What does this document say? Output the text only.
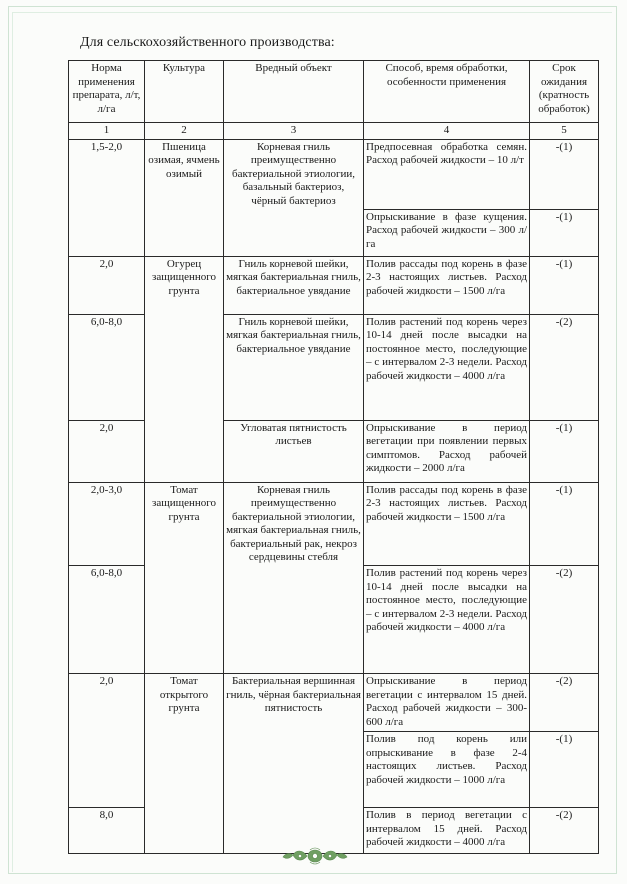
Для сельскохозяйственного производства:
Норма применения препарата, л/т, л/га	Культура	Вредный объект	Способ, время обработки, особенности применения	Срок ожидания (кратность обработок)
1	2	3	4	5
1,5-2,0	Пшеница озимая, ячмень озимый	Корневая гниль преимущественно бактериальной этиологии, базальный бактериоз, чёрный бактериоз	Предпосевная обработка семян. Расход рабочей жидкости – 10 л/т	-(1)
			Опрыскивание в фазе кущения. Расход рабочей жидкости – 300 л/га	-(1)
2,0	Огурец защищенного грунта	Гниль корневой шейки, мягкая бактериальная гниль, бактериальное увядание	Полив рассады под корень в фазе 2-3 настоящих листьев. Расход рабочей жидкости – 1500 л/га	-(1)
6,0-8,0		Гниль корневой шейки, мягкая бактериальная гниль, бактериальное увядание	Полив растений под корень через 10-14 дней после высадки на постоянное место, последующие – с интервалом 2-3 недели. Расход рабочей жидкости – 4000 л/га	-(2)
2,0		Угловатая пятнистость листьев	Опрыскивание в период вегетации при появлении первых симптомов. Расход рабочей жидкости – 2000 л/га	-(1)
2,0-3,0	Томат защищенного грунта	Корневая гниль преимущественно бактериальной этиологии, мягкая бактериальная гниль, бактериальный рак, некроз сердцевины стебля	Полив рассады под корень в фазе 2-3 настоящих листьев. Расход рабочей жидкости – 1500 л/га	-(1)
6,0-8,0			Полив растений под корень через 10-14 дней после высадки на постоянное место, последующие – с интервалом 2-3 недели. Расход рабочей жидкости – 4000 л/га	-(2)
2,0	Томат открытого грунта	Бактериальная вершинная гниль, чёрная бактериальная пятнистость	Опрыскивание в период вегетации с интервалом 15 дней. Расход рабочей жидкости – 300-600 л/га	-(2)
			Полив под корень или опрыскивание в фазе 2-4 настоящих листьев. Расход рабочей жидкости – 1000 л/га	-(1)
8,0			Полив в период вегетации с интервалом 15 дней. Расход рабочей жидкости – 4000 л/га	-(2)
